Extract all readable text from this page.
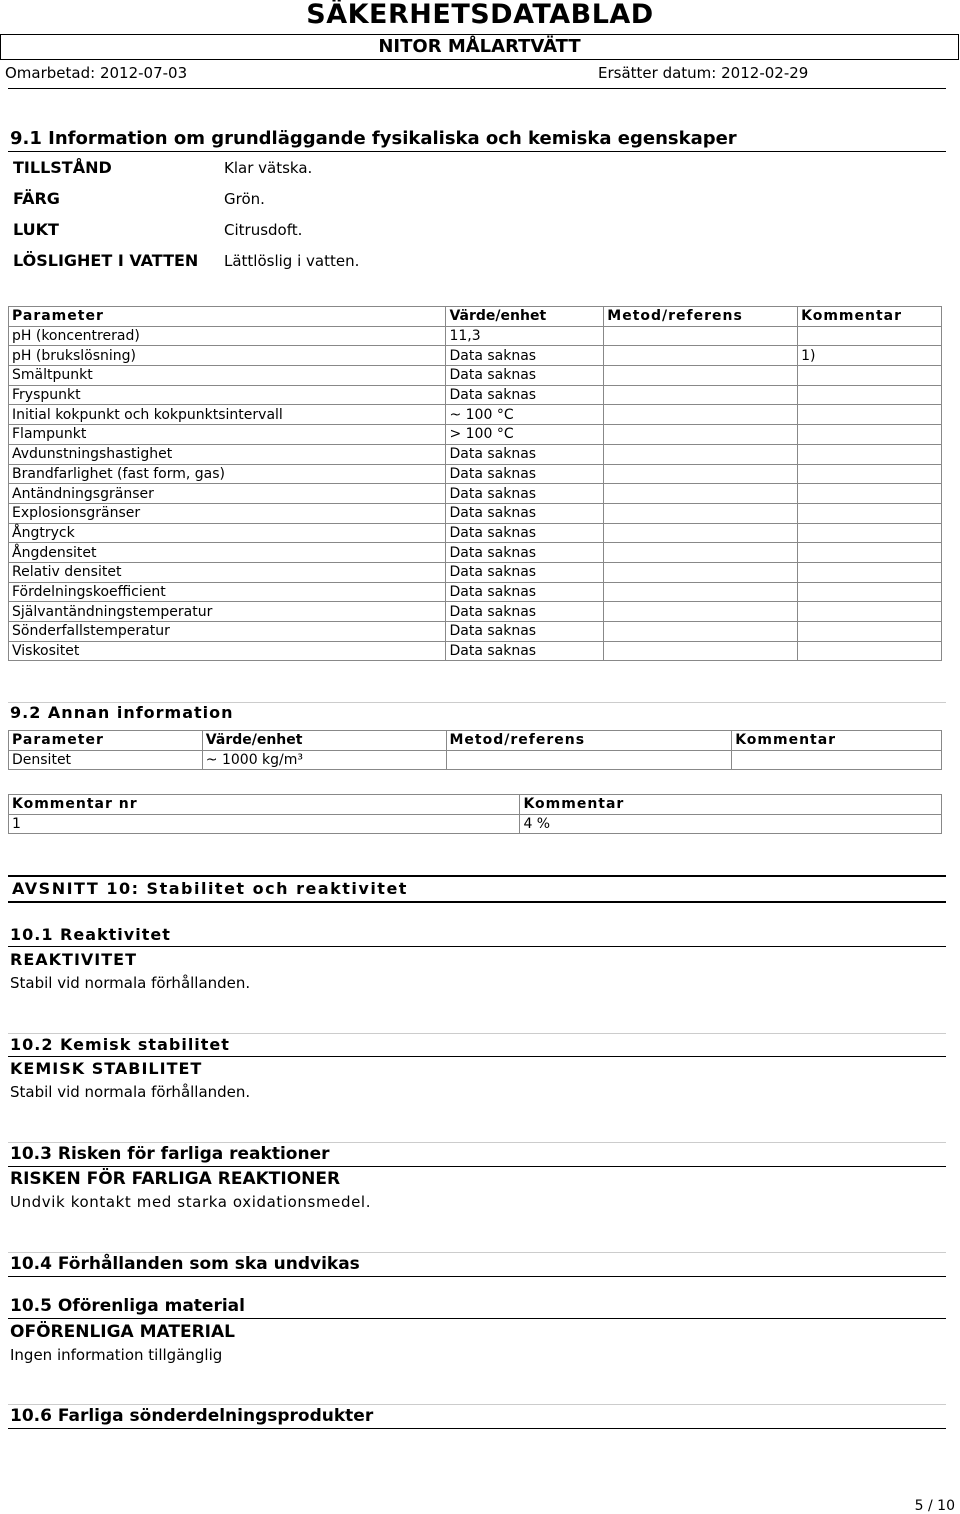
SÄKERHETSDATABLAD
NITOR MÅLARTVÄTT
Omarbetad: 2012-07-03	Ersätter datum: 2012-02-29
9.1 Information om grundläggande fysikaliska och kemiska egenskaper
TILLSTÅND	Klar vätska.
FÄRG	Grön.
LUKT	Citrusdoft.
LÖSLIGHET I VATTEN Lättlöslig i vatten.
Parameter	Värde/enhet	Metod/referens	Kommentar
pH (koncentrerad)	11,3		
pH (brukslösning)	Data saknas		1)
Smältpunkt	Data saknas		
Fryspunkt	Data saknas		
Initial kokpunkt och kokpunktsintervall	~ 100 °C		
Flampunkt	> 100 °C		
Avdunstningshastighet	Data saknas		
Brandfarlighet (fast form, gas)	Data saknas		
Antändningsgränser	Data saknas		
Explosionsgränser	Data saknas		
Ångtryck	Data saknas		
Ångdensitet	Data saknas		
Relativ densitet	Data saknas		
Fördelningskoefficient	Data saknas		
Självantändningstemperatur	Data saknas		
Sönderfallstemperatur	Data saknas		
Viskositet	Data saknas		
9.2 Annan information
Parameter	Värde/enhet	Metod/referens	Kommentar
Densitet	~ 1000 kg/m³		
Kommentar nr	Kommentar
1	4 %
AVSNITT 10: Stabilitet och reaktivitet
10.1 Reaktivitet
REAKTIVITET
Stabil vid normala förhållanden.
10.2 Kemisk stabilitet
KEMISK STABILITET
Stabil vid normala förhållanden.
10.3 Risken för farliga reaktioner
RISKEN FÖR FARLIGA REAKTIONER
Undvik kontakt med starka oxidationsmedel.
10.4 Förhållanden som ska undvikas
10.5 Oförenliga material
OFÖRENLIGA MATERIAL
Ingen information tillgänglig
10.6 Farliga sönderdelningsprodukter
5 / 10
